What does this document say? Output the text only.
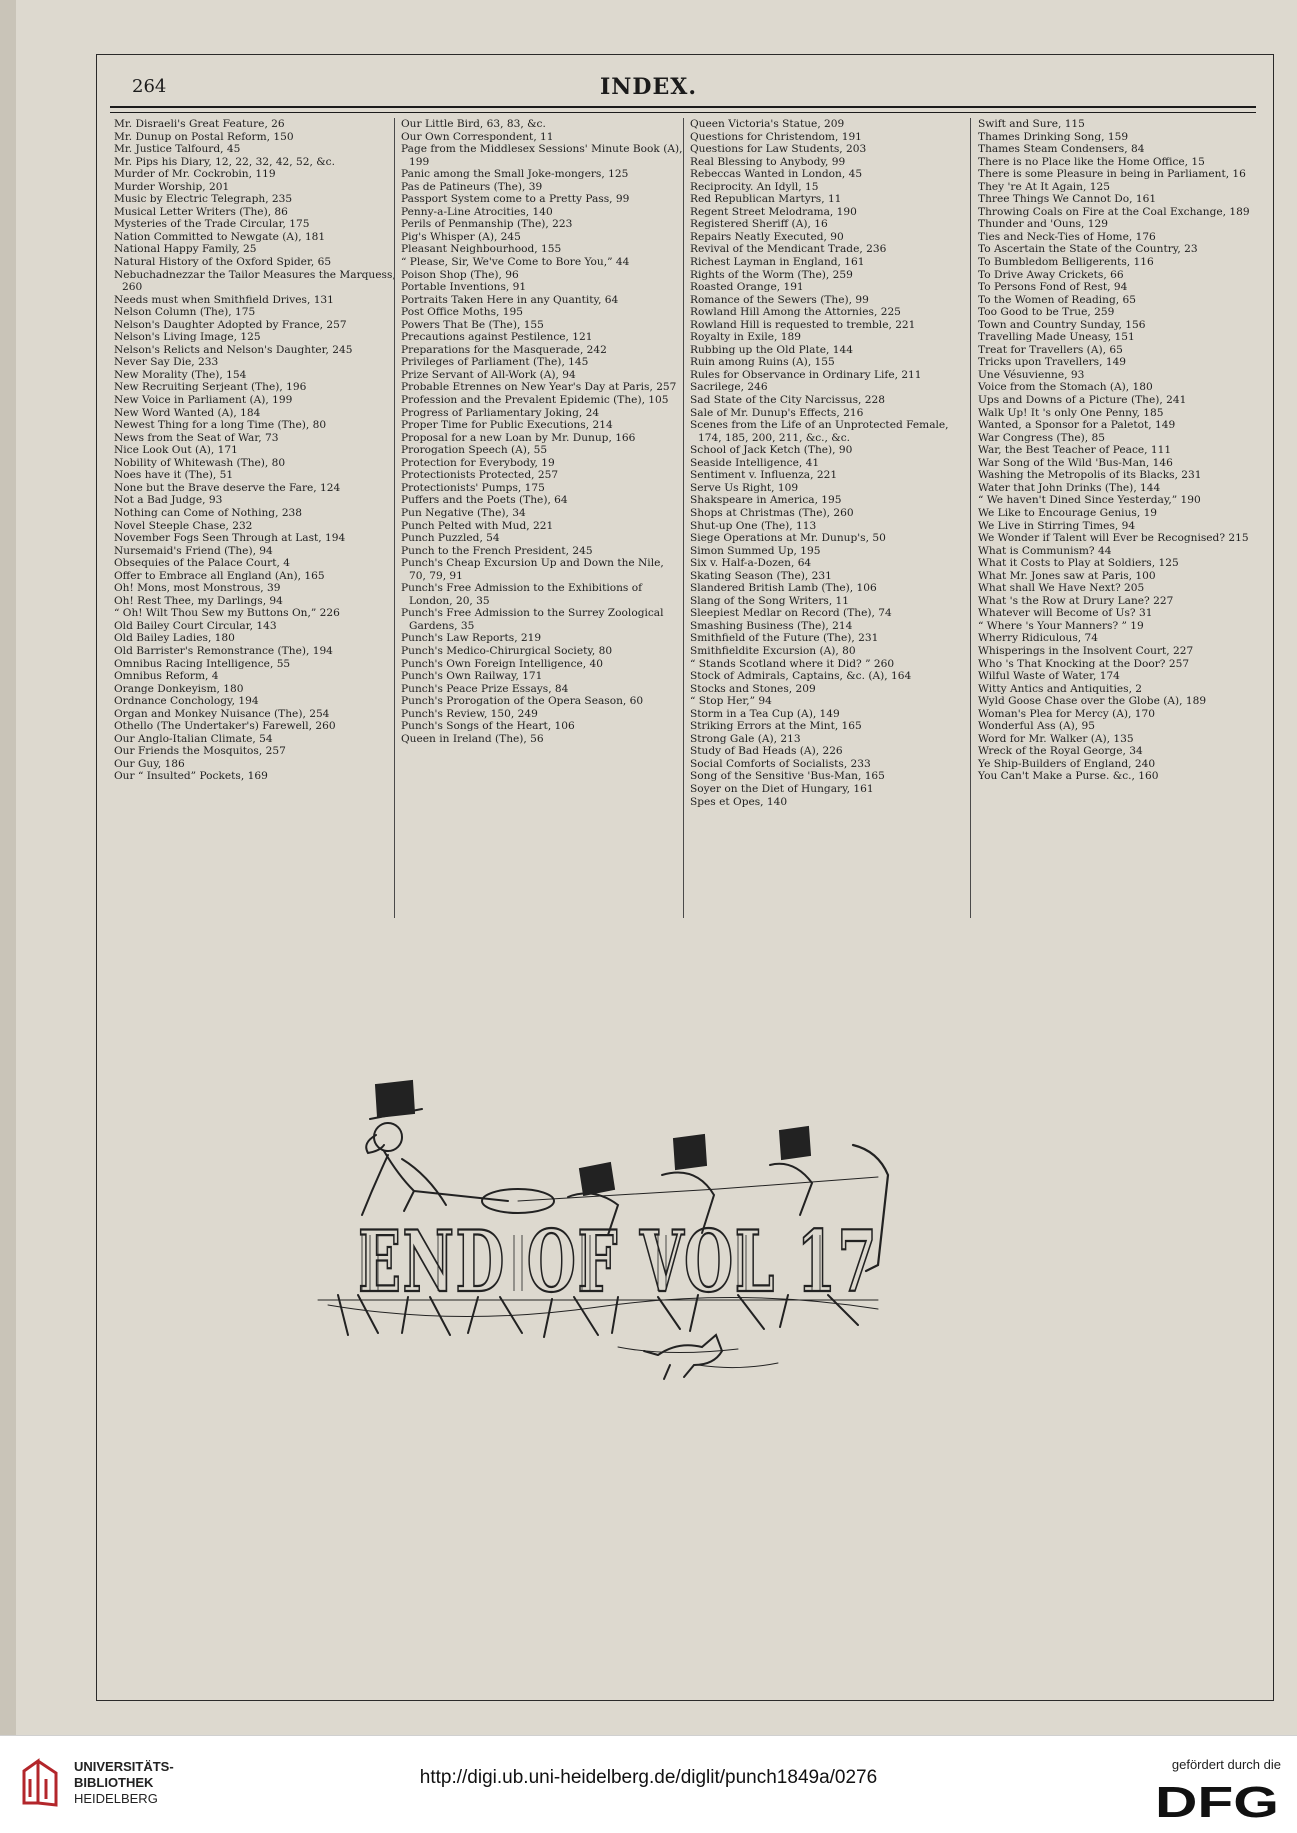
264	INDEX.
Mr. Disraeli's Great Feature, 26
Mr. Dunup on Postal Reform, 150
Mr. Justice Talfourd, 45
Mr. Pips his Diary, 12, 22, 32, 42, 52, &c.
Murder of Mr. Cockrobin, 119
Murder Worship, 201
Music by Electric Telegraph, 235
Musical Letter Writers (The), 86
Mysteries of the Trade Circular, 175
Nation Committed to Newgate (A), 181
National Happy Family, 25
Natural History of the Oxford Spider, 65
Nebuchadnezzar the Tailor Measures the Marquess, 260
Needs must when Smithfield Drives, 131
Nelson Column (The), 175
Nelson's Daughter Adopted by France, 257
Nelson's Living Image, 125
Nelson's Relicts and Nelson's Daughter, 245
Never Say Die, 233
New Morality (The), 154
New Recruiting Serjeant (The), 196
New Voice in Parliament (A), 199
New Word Wanted (A), 184
Newest Thing for a long Time (The), 80
News from the Seat of War, 73
Nice Look Out (A), 171
Nobility of Whitewash (The), 80
Noes have it (The), 51
None but the Brave deserve the Fare, 124
Not a Bad Judge, 93
Nothing can Come of Nothing, 238
Novel Steeple Chase, 232
November Fogs Seen Through at Last, 194
Nursemaid's Friend (The), 94
Obsequies of the Palace Court, 4
Offer to Embrace all England (An), 165
Oh! Mons, most Monstrous, 39
Oh! Rest Thee, my Darlings, 94
“ Oh! Wilt Thou Sew my Buttons On,” 226
Old Bailey Court Circular, 143
Old Bailey Ladies, 180
Old Barrister's Remonstrance (The), 194
Omnibus Racing Intelligence, 55
Omnibus Reform, 4
Orange Donkeyism, 180
Ordnance Conchology, 194
Organ and Monkey Nuisance (The), 254
Othello (The Undertaker's) Farewell, 260
Our Anglo-Italian Climate, 54
Our Friends the Mosquitos, 257
Our Guy, 186
Our “ Insulted” Pockets, 169
Our Little Bird, 63, 83, &c.
Our Own Correspondent, 11
Page from the Middlesex Sessions' Minute Book (A), 199
Panic among the Small Joke-mongers, 125
Pas de Patineurs (The), 39
Passport System come to a Pretty Pass, 99
Penny-a-Line Atrocities, 140
Perils of Penmanship (The), 223
Pig's Whisper (A), 245
Pleasant Neighbourhood, 155
“ Please, Sir, We've Come to Bore You,” 44
Poison Shop (The), 96
Portable Inventions, 91
Portraits Taken Here in any Quantity, 64
Post Office Moths, 195
Powers That Be (The), 155
Precautions against Pestilence, 121
Preparations for the Masquerade, 242
Privileges of Parliament (The), 145
Prize Servant of All-Work (A), 94
Probable Etrennes on New Year's Day at Paris, 257
Profession and the Prevalent Epidemic (The), 105
Progress of Parliamentary Joking, 24
Proper Time for Public Executions, 214
Proposal for a new Loan by Mr. Dunup, 166
Prorogation Speech (A), 55
Protection for Everybody, 19
Protectionists Protected, 257
Protectionists' Pumps, 175
Puffers and the Poets (The), 64
Pun Negative (The), 34
Punch Pelted with Mud, 221
Punch Puzzled, 54
Punch to the French President, 245
Punch's Cheap Excursion Up and Down the Nile, 70, 79, 91
Punch's Free Admission to the Exhibitions of London, 20, 35
Punch's Free Admission to the Surrey Zoological Gardens, 35
Punch's Law Reports, 219
Punch's Medico-Chirurgical Society, 80
Punch's Own Foreign Intelligence, 40
Punch's Own Railway, 171
Punch's Peace Prize Essays, 84
Punch's Prorogation of the Opera Season, 60
Punch's Review, 150, 249
Punch's Songs of the Heart, 106
Queen in Ireland (The), 56
Queen Victoria's Statue, 209
Questions for Christendom, 191
Questions for Law Students, 203
Real Blessing to Anybody, 99
Rebeccas Wanted in London, 45
Reciprocity. An Idyll, 15
Red Republican Martyrs, 11
Regent Street Melodrama, 190
Registered Sheriff (A), 16
Repairs Neatly Executed, 90
Revival of the Mendicant Trade, 236
Richest Layman in England, 161
Rights of the Worm (The), 259
Roasted Orange, 191
Romance of the Sewers (The), 99
Rowland Hill Among the Attornies, 225
Rowland Hill is requested to tremble, 221
Royalty in Exile, 189
Rubbing up the Old Plate, 144
Ruin among Ruins (A), 155
Rules for Observance in Ordinary Life, 211
Sacrilege, 246
Sad State of the City Narcissus, 228
Sale of Mr. Dunup's Effects, 216
Scenes from the Life of an Unprotected Female, 174, 185, 200, 211, &c., &c.
School of Jack Ketch (The), 90
Seaside Intelligence, 41
Sentiment v. Influenza, 221
Serve Us Right, 109
Shakspeare in America, 195
Shops at Christmas (The), 260
Shut-up One (The), 113
Siege Operations at Mr. Dunup's, 50
Simon Summed Up, 195
Six v. Half-a-Dozen, 64
Skating Season (The), 231
Slandered British Lamb (The), 106
Slang of the Song Writers, 11
Sleepiest Medlar on Record (The), 74
Smashing Business (The), 214
Smithfield of the Future (The), 231
Smithfieldite Excursion (A), 80
“ Stands Scotland where it Did? ” 260
Stock of Admirals, Captains, &c. (A), 164
Stocks and Stones, 209
“ Stop Her,” 94
Storm in a Tea Cup (A), 149
Striking Errors at the Mint, 165
Strong Gale (A), 213
Study of Bad Heads (A), 226
Social Comforts of Socialists, 233
Song of the Sensitive 'Bus-Man, 165
Soyer on the Diet of Hungary, 161
Spes et Opes, 140
Swift and Sure, 115
Thames Drinking Song, 159
Thames Steam Condensers, 84
There is no Place like the Home Office, 15
There is some Pleasure in being in Parliament, 16
They 're At It Again, 125
Three Things We Cannot Do, 161
Throwing Coals on Fire at the Coal Exchange, 189
Thunder and 'Ouns, 129
Ties and Neck-Ties of Home, 176
To Ascertain the State of the Country, 23
To Bumbledom Belligerents, 116
To Drive Away Crickets, 66
To Persons Fond of Rest, 94
To the Women of Reading, 65
Too Good to be True, 259
Town and Country Sunday, 156
Travelling Made Uneasy, 151
Treat for Travellers (A), 65
Tricks upon Travellers, 149
Une Vésuvienne, 93
Voice from the Stomach (A), 180
Ups and Downs of a Picture (The), 241
Walk Up! It 's only One Penny, 185
Wanted, a Sponsor for a Paletot, 149
War Congress (The), 85
War, the Best Teacher of Peace, 111
War Song of the Wild 'Bus-Man, 146
Washing the Metropolis of its Blacks, 231
Water that John Drinks (The), 144
“ We haven't Dined Since Yesterday,” 190
We Like to Encourage Genius, 19
We Live in Stirring Times, 94
We Wonder if Talent will Ever be Recognised? 215
What is Communism? 44
What it Costs to Play at Soldiers, 125
What Mr. Jones saw at Paris, 100
What shall We Have Next? 205
What 's the Row at Drury Lane? 227
Whatever will Become of Us? 31
“ Where 's Your Manners? ” 19
Wherry Ridiculous, 74
Whisperings in the Insolvent Court, 227
Who 's That Knocking at the Door? 257
Wilful Waste of Water, 174
Witty Antics and Antiquities, 2
Wyld Goose Chase over the Globe (A), 189
Woman's Plea for Mercy (A), 170
Wonderful Ass (A), 95
Word for Mr. Walker (A), 135
Wreck of the Royal George, 34
Ye Ship-Builders of England, 240
You Can't Make a Purse. &c., 160
END OF VOL 17
UNIVERSITÄTS-
BIBLIOTHEK
HEIDELBERG
http://digi.ub.uni-heidelberg.de/diglit/punch1849a/0276
gefördert durch die
DFG
